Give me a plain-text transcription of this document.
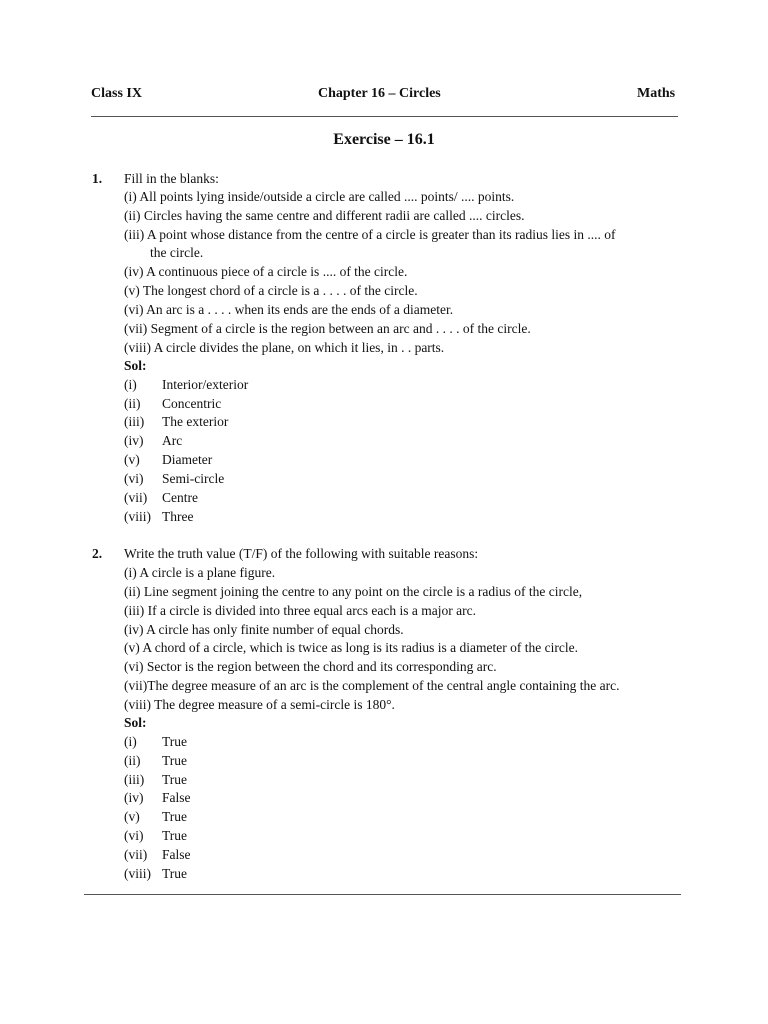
Class IX	Chapter 16 – Circles	Maths
Exercise – 16.1
1. Fill in the blanks:
(i) All points lying inside/outside a circle are called .... points/ .... points.
(ii) Circles having the same centre and different radii are called .... circles.
(iii) A point whose distance from the centre of a circle is greater than its radius lies in .... of
the circle.
(iv) A continuous piece of a circle is .... of the circle.
(v) The longest chord of a circle is a . . . . of the circle.
(vi) An arc is a . . . . when its ends are the ends of a diameter.
(vii) Segment of a circle is the region between an arc and . . . . of the circle.
(viii) A circle divides the plane, on which it lies, in . . parts.
Sol:
(i) Interior/exterior
(ii) Concentric
(iii) The exterior
(iv) Arc
(v) Diameter
(vi) Semi-circle
(vii) Centre
(viii) Three
2. Write the truth value (T/F) of the following with suitable reasons:
(i) A circle is a plane figure.
(ii) Line segment joining the centre to any point on the circle is a radius of the circle,
(iii) If a circle is divided into three equal arcs each is a major arc.
(iv) A circle has only finite number of equal chords.
(v) A chord of a circle, which is twice as long is its radius is a diameter of the circle.
(vi) Sector is the region between the chord and its corresponding arc.
(vii)The degree measure of an arc is the complement of the central angle containing the arc.
(viii) The degree measure of a semi-circle is 180°.
Sol:
(i) True
(ii) True
(iii) True
(iv) False
(v) True
(vi) True
(vii) False
(viii) True
